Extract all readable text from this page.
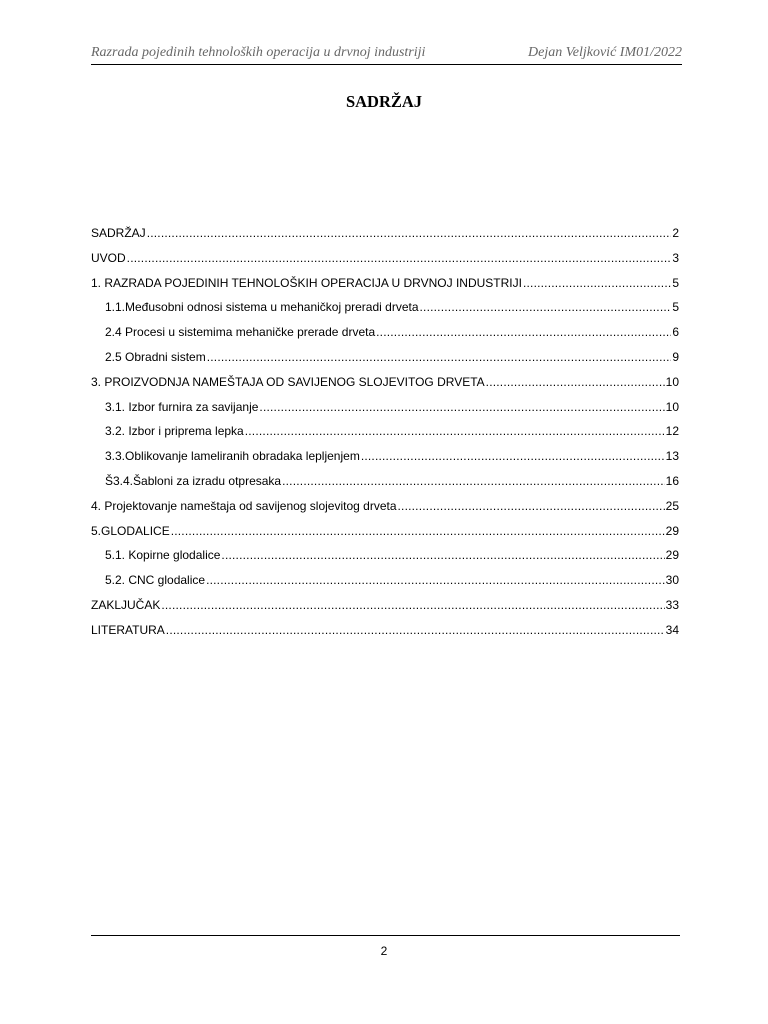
Razrada pojedinih tehnoloških operacija u drvnoj industriji	Dejan Veljković IM01/2022
SADRŽAJ
SADRŽAJ .....	2
UVOD .....	3
1. RAZRADA POJEDINIH TEHNOLOŠKIH OPERACIJA U DRVNOJ INDUSTRIJI .....	5
1.1.Međusobni odnosi sistema u mehaničkoj preradi drveta .....	5
2.4 Procesi u sistemima mehaničke prerade drveta .....	6
2.5 Obradni sistem .....	9
3. PROIZVODNJA NAMEŠTAJA OD SAVIJENOG SLOJEVITOG DRVETA .....	10
3.1. Izbor furnira za savijanje .....	10
3.2. Izbor i priprema lepka .....	12
3.3.Oblikovanje lameliranih obradaka lepljenjem .....	13
Š3.4.Šabloni za izradu otpresaka .....	16
4. Projektovanje nameštaja od savijenog slojevitog drveta .....	25
5.GLODALICE .....	29
5.1. Kopirne glodalice .....	29
5.2. CNC glodalice .....	30
ZAKLJUČAK .....	33
LITERATURA .....	34
2
